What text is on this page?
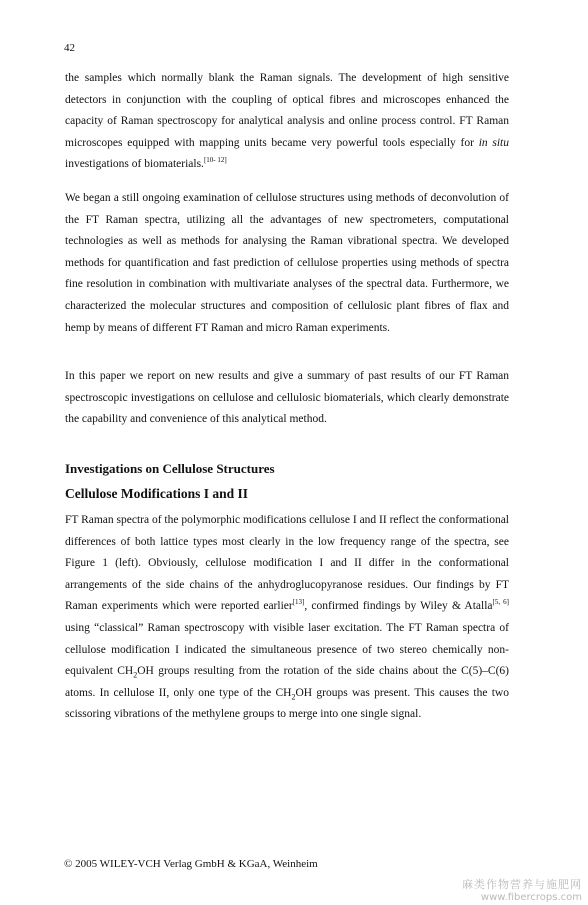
42

the samples which normally blank the Raman signals. The development of high sensitive detectors in conjunction with the coupling of optical fibres and microscopes enhanced the capacity of Raman spectroscopy for analytical analysis and online process control. FT Raman microscopes equipped with mapping units became very powerful tools especially for in situ investigations of biomaterials.[10- 12]

We began a still ongoing examination of cellulose structures using methods of deconvolution of the FT Raman spectra, utilizing all the advantages of new spectrometers, computational technologies as well as methods for analysing the Raman vibrational spectra. We developed methods for quantification and fast prediction of cellulose properties using methods of spectra fine resolution in combination with multivariate analyses of the spectral data. Furthermore, we characterized the molecular structures and composition of cellulosic plant fibres of flax and hemp by means of different FT Raman and micro Raman experiments.

In this paper we report on new results and give a summary of past results of our FT Raman spectroscopic investigations on cellulose and cellulosic biomaterials, which clearly demonstrate the capability and convenience of this analytical method.

Investigations on Cellulose Structures
Cellulose Modifications I and II

FT Raman spectra of the polymorphic modifications cellulose I and II reflect the conformational differences of both lattice types most clearly in the low frequency range of the spectra, see Figure 1 (left). Obviously, cellulose modification I and II differ in the conformational arrangements of the side chains of the anhydroglucopyranose residues. Our findings by FT Raman experiments which were reported earlier[13], confirmed findings by Wiley & Atalla[5, 6] using “classical” Raman spectroscopy with visible laser excitation. The FT Raman spectra of cellulose modification I indicated the simultaneous presence of two stereo chemically non-equivalent $CH_2OH$ groups resulting from the rotation of the side chains about the C(5)–C(6) atoms. In cellulose II, only one type of the $CH_2OH$ groups was present. This causes the two scissoring vibrations of the methylene groups to merge into one single signal.

© 2005 WILEY-VCH Verlag GmbH & KGaA, Weinheim
麻类作物营养与施肥网
www.fibercrops.com
